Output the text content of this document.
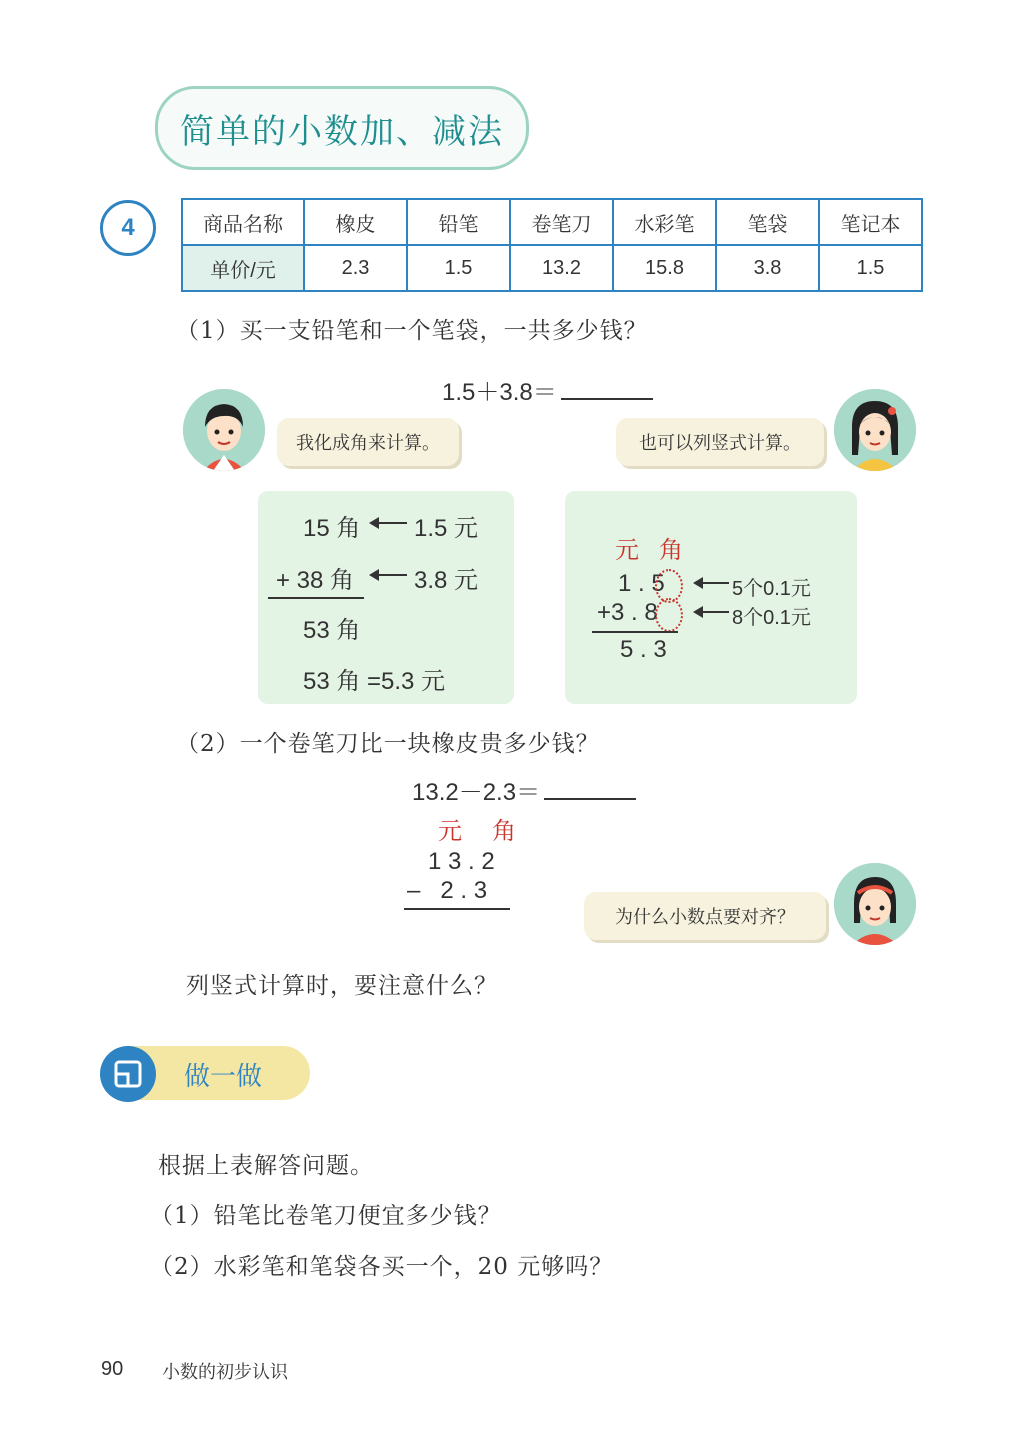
简单的小数加、减法
4	商品名称	橡皮	铅笔	卷笔刀	水彩笔	笔袋	笔记本
单价/元	2.3	1.5	13.2	15.8	3.8	1.5
（1）买一支铅笔和一个笔袋，一共多少钱？
1.5＋3.8＝
我化成角来计算。	也可以列竖式计算。
15 角 1.5 元
+ 38 角 3.8 元
53 角
53 角 =5.3 元
元 角
1 . 5	5个0.1元
+3 . 8	8个0.1元
5 . 3
（2）一个卷笔刀比一块橡皮贵多少钱？
13.2－2.3＝
元 角
1 3 . 2
–   2 . 3
为什么小数点要对齐？
列竖式计算时，要注意什么？
做一做
根据上表解答问题。
（1）铅笔比卷笔刀便宜多少钱？
（2）水彩笔和笔袋各买一个，20 元够吗？
90 小数的初步认识
